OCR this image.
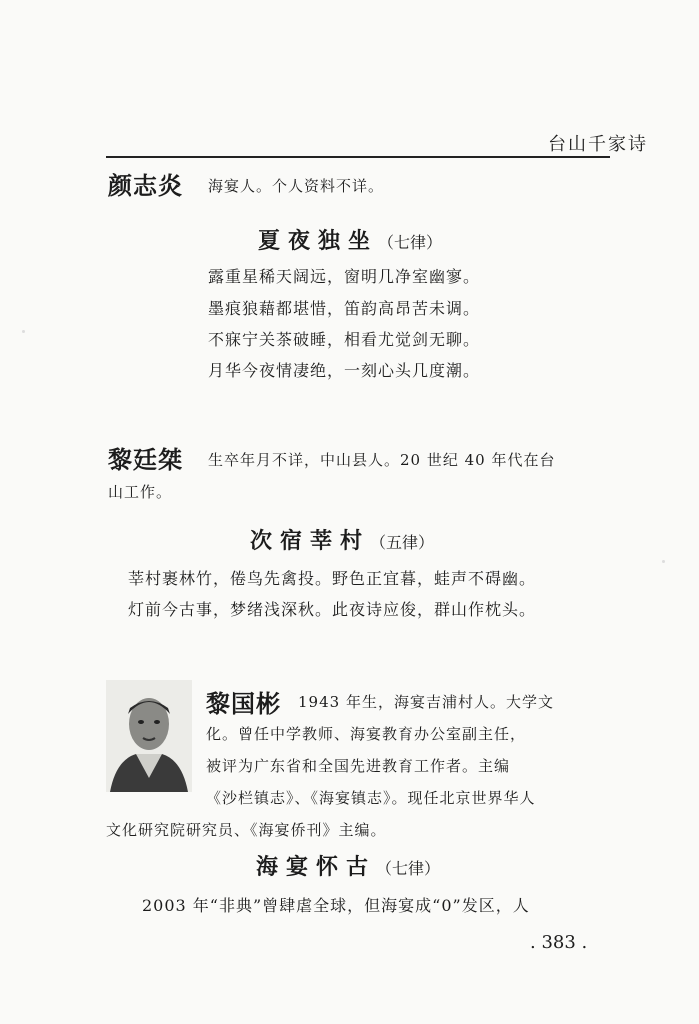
台山千家诗
颜志炎 海宴人。个人资料不详。
夏夜独坐（七律）
露重星稀天阔远，窗明几净室幽寥。
墨痕狼藉都堪惜，笛韵高昂苦未调。
不寐宁关茶破睡，相看尤觉剑无聊。
月华今夜情凄绝，一刻心头几度潮。
黎廷桀 生卒年月不详，中山县人。20 世纪 40 年代在台
山工作。
次宿莘村（五律）
莘村裹林竹，倦鸟先禽投。野色正宜暮，蛙声不碍幽。
灯前今古事，梦绪浅深秋。此夜诗应俊，群山作枕头。
黎国彬 1943 年生，海宴吉浦村人。大学文
化。曾任中学教师、海宴教育办公室副主任，
被评为广东省和全国先进教育工作者。主编
《沙栏镇志》、《海宴镇志》。现任北京世界华人
文化研究院研究员、《海宴侨刊》主编。
海宴怀古（七律）
2003 年“非典”曾肆虐全球，但海宴成“0”发区，人
. 383 .
